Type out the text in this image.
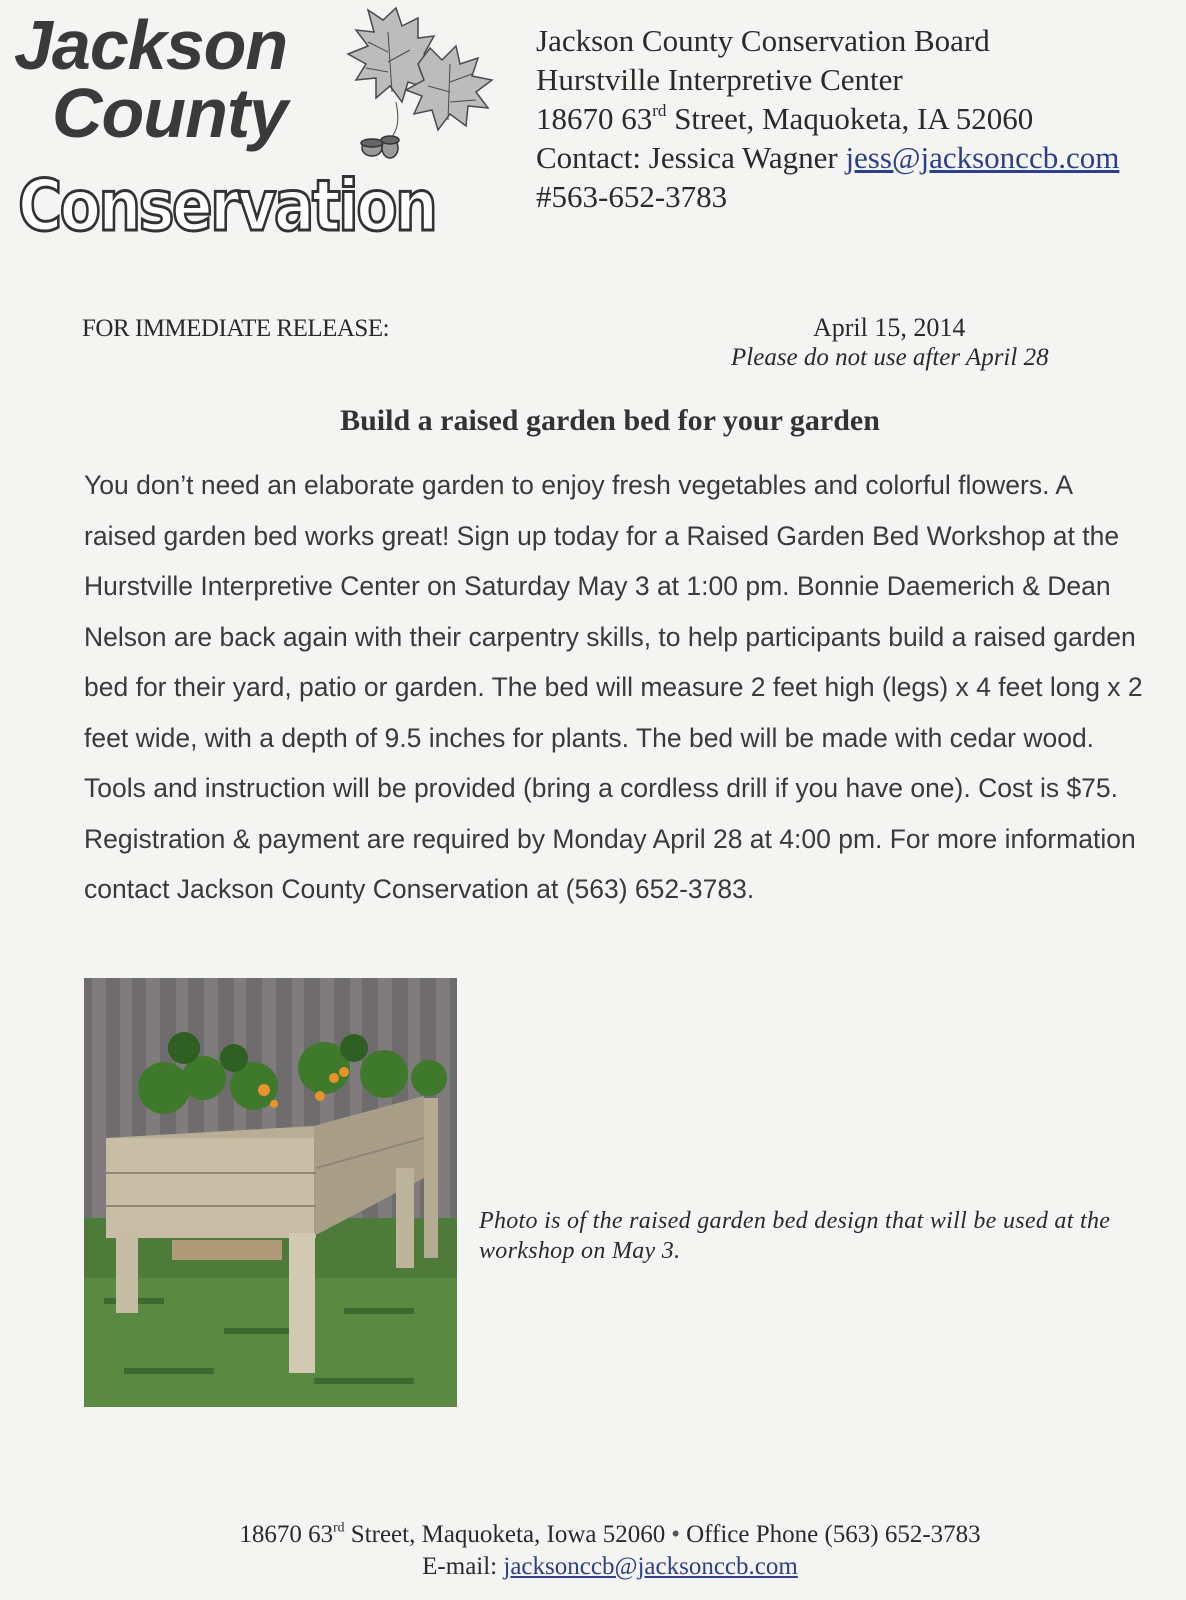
Jackson
County
Conservation
Jackson County Conservation Board
Hurstville Interpretive Center
18670 63rd Street, Maquoketa, IA 52060
Contact: Jessica Wagner jess@jacksonccb.com
#563-652-3783
FOR IMMEDIATE RELEASE:	April 15, 2014
Please do not use after April 28
Build a raised garden bed for your garden

You don’t need an elaborate garden to enjoy fresh vegetables and colorful flowers. A raised garden bed works great! Sign up today for a Raised Garden Bed Workshop at the Hurstville Interpretive Center on Saturday May 3 at 1:00 pm. Bonnie Daemerich & Dean Nelson are back again with their carpentry skills, to help participants build a raised garden bed for their yard, patio or garden. The bed will measure 2 feet high (legs) x 4 feet long x 2 feet wide, with a depth of 9.5 inches for plants. The bed will be made with cedar wood. Tools and instruction will be provided (bring a cordless drill if you have one). Cost is $75. Registration & payment are required by Monday April 28 at 4:00 pm. For more information contact Jackson County Conservation at (563) 652-3783.

Photo is of the raised garden bed design that will be used at the workshop on May 3.
18670 63rd Street, Maquoketa, Iowa 52060 • Office Phone (563) 652-3783
E-mail: jacksonccb@jacksonccb.com
